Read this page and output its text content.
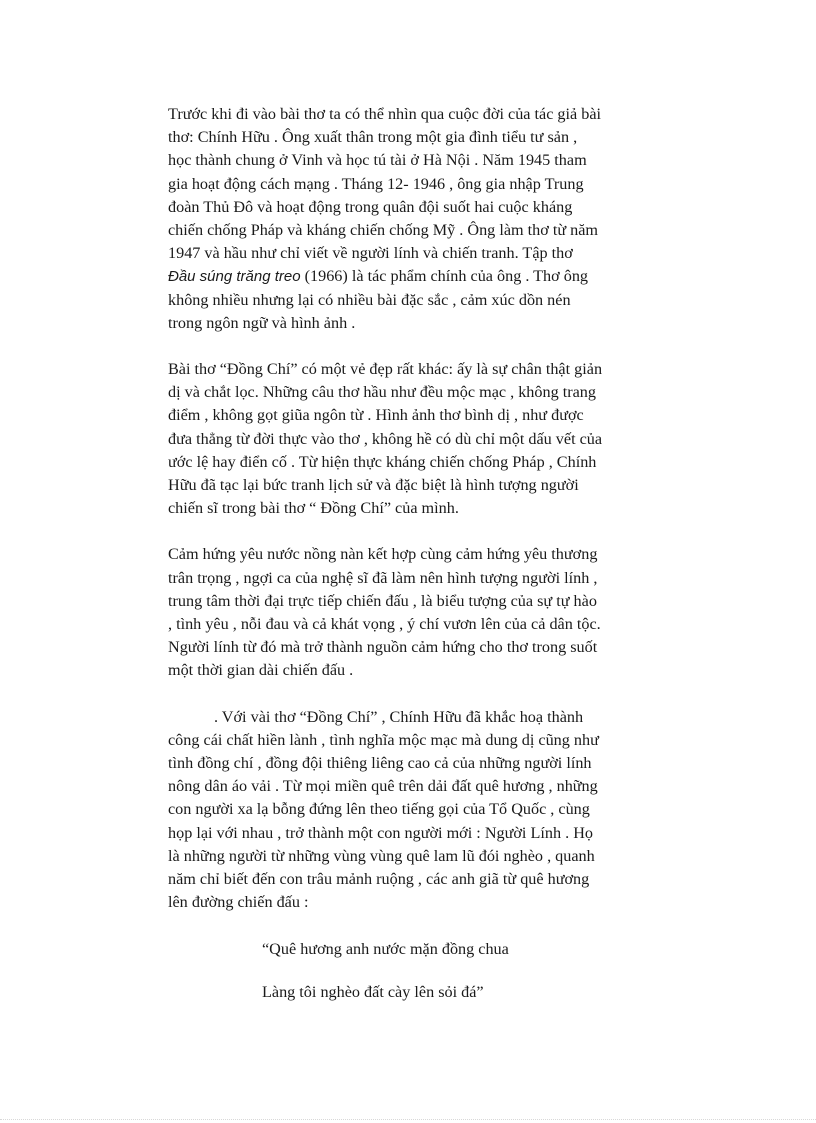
Trước khi đi vào bài thơ ta có thể nhìn qua cuộc đời của tác giả bài
thơ: Chính Hữu . Ông xuất thân trong một gia đình tiểu tư sản ,
học thành chung ở Vinh và học tú tài ở Hà Nội . Năm 1945 tham
gia hoạt động cách mạng . Tháng 12- 1946 , ông gia nhập Trung
đoàn Thủ Đô và hoạt động trong quân đội suốt hai cuộc kháng
chiến chống Pháp và kháng chiến chống Mỹ . Ông làm thơ từ năm
1947 và hầu như chỉ viết về người lính và chiến tranh. Tập thơ
Đầu súng trăng treo (1966) là tác phẩm chính của ông . Thơ ông
không nhiều nhưng lại có nhiều bài đặc sắc , cảm xúc dồn nén
trong ngôn ngữ và hình ảnh .

Bài thơ “Đồng Chí” có một vẻ đẹp rất khác: ấy là sự chân thật giản
dị và chắt lọc. Những câu thơ hầu như đều mộc mạc , không trang
điểm , không gọt giũa ngôn từ . Hình ảnh thơ bình dị , như được
đưa thẳng từ đời thực vào thơ , không hề có dù chỉ một dấu vết của
ước lệ hay điển cố . Từ hiện thực kháng chiến chống Pháp , Chính
Hữu đã tạc lại bức tranh lịch sử và đặc biệt là hình tượng người
chiến sĩ trong bài thơ “ Đồng Chí” của mình.

Cảm hứng yêu nước nồng nàn kết hợp cùng cảm hứng yêu thương
trân trọng , ngợi ca của nghệ sĩ đã làm nên hình tượng người lính ,
trung tâm thời đại trực tiếp chiến đấu , là biểu tượng của sự tự hào
, tình yêu , nỗi đau và cả khát vọng , ý chí vươn lên của cả dân tộc.
Người lính từ đó mà trở thành nguồn cảm hứng cho thơ trong suốt
một thời gian dài chiến đấu .

. Với vài thơ “Đồng Chí” , Chính Hữu đã khắc hoạ thành
công cái chất hiền lành , tình nghĩa mộc mạc mà dung dị cũng như
tình đồng chí , đồng đội thiêng liêng cao cả của những người lính
nông dân áo vải . Từ mọi miền quê trên dải đất quê hương , những
con người xa lạ bỗng đứng lên theo tiếng gọi của Tổ Quốc , cùng
họp lại với nhau , trở thành một con người mới : Người Lính . Họ
là những người từ những vùng vùng quê lam lũ đói nghèo , quanh
năm chỉ biết đến con trâu mảnh ruộng , các anh giã từ quê hương
lên đường chiến đấu :

“Quê hương anh nước mặn đồng chua
Làng tôi nghèo đất cày lên sỏi đá”
